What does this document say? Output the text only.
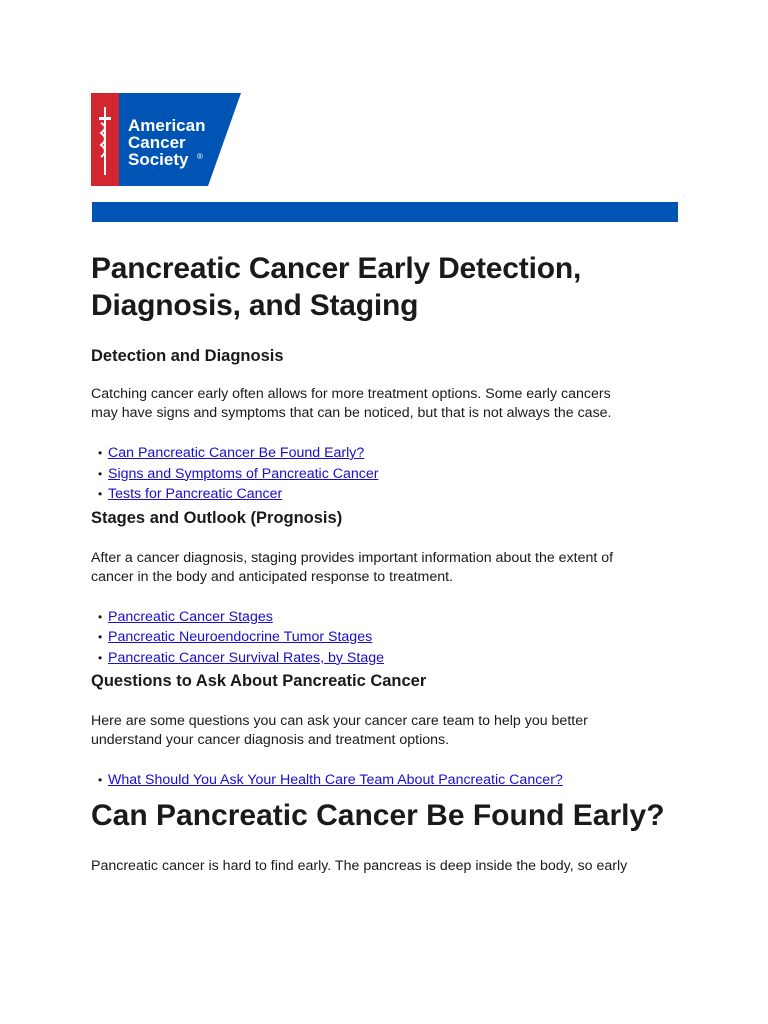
American
Cancer
Society ®
Pancreatic Cancer Early Detection,
Diagnosis, and Staging
Detection and Diagnosis

Catching cancer early often allows for more treatment options. Some early cancers
may have signs and symptoms that can be noticed, but that is not always the case.

• Can Pancreatic Cancer Be Found Early?
• Signs and Symptoms of Pancreatic Cancer
• Tests for Pancreatic Cancer
Stages and Outlook (Prognosis)

After a cancer diagnosis, staging provides important information about the extent of
cancer in the body and anticipated response to treatment.

• Pancreatic Cancer Stages
• Pancreatic Neuroendocrine Tumor Stages
• Pancreatic Cancer Survival Rates, by Stage
Questions to Ask About Pancreatic Cancer

Here are some questions you can ask your cancer care team to help you better
understand your cancer diagnosis and treatment options.

• What Should You Ask Your Health Care Team About Pancreatic Cancer?
Can Pancreatic Cancer Be Found Early?

Pancreatic cancer is hard to find early. The pancreas is deep inside the body, so early
